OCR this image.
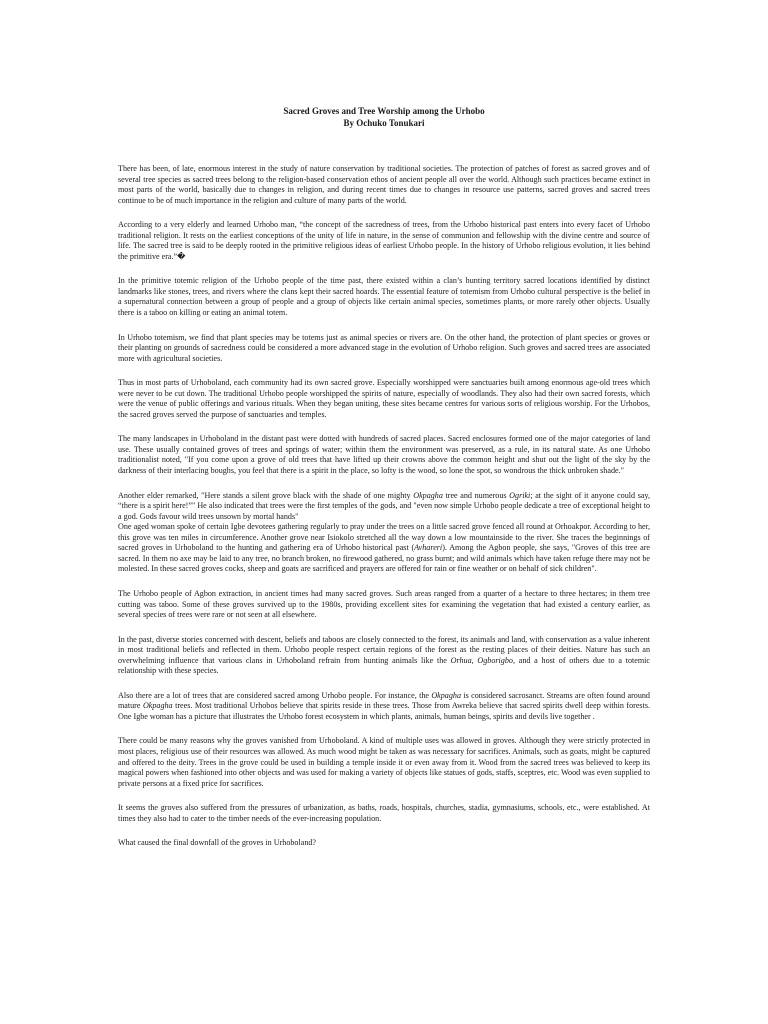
Sacred Groves and Tree Worship among the Urhobo
By Ochuko Tonukari

There has been, of late, enormous interest in the study of nature conservation by traditional societies. The protection of patches of forest as sacred groves and of several tree species as sacred trees belong to the religion-based conservation ethos of ancient people all over the world. Although such practices became extinct in most parts of the world, basically due to changes in religion, and during recent times due to changes in resource use patterns, sacred groves and sacred trees continue to be of much importance in the religion and culture of many parts of the world.

According to a very elderly and learned Urhobo man, “the concept of the sacredness of trees, from the Urhobo historical past enters into every facet of Urhobo traditional religion. It rests on the earliest conceptions of the unity of life in nature, in the sense of communion and fellowship with the divine centre and source of life. The sacred tree is said to be deeply rooted in the primitive religious ideas of earliest Urhobo people. In the history of Urhobo religious evolution, it lies behind the primitive era.”�

In the primitive totemic religion of the Urhobo people of the time past, there existed within a clan’s hunting territory sacred locations identified by distinct landmarks like stones, trees, and rivers where the clans kept their sacred hoards. The essential feature of totemism from Urhobo cultural perspective is the belief in a supernatural connection between a group of people and a group of objects like certain animal species, sometimes plants, or more rarely other objects. Usually there is a taboo on killing or eating an animal totem.

In Urhobo totemism, we find that plant species may be totems just as animal species or rivers are. On the other hand, the protection of plant species or groves or their planting on grounds of sacredness could be considered a more advanced stage in the evolution of Urhobo religion. Such groves and sacred trees are associated more with agricultural societies.

Thus in most parts of Urhoboland, each community had its own sacred grove. Especially worshipped were sanctuaries built among enormous age-old trees which were never to be cut down. The traditional Urhobo people worshipped the spirits of nature, especially of woodlands. They also had their own sacred forests, which were the venue of public offerings and various rituals. When they began uniting, these sites became centres for various sorts of religious worship. For the Urhobos, the sacred groves served the purpose of sanctuaries and temples.

The many landscapes in Urhoboland in the distant past were dotted with hundreds of sacred places. Sacred enclosures formed one of the major categories of land use. These usually contained groves of trees and springs of water; within them the environment was preserved, as a rule, in its natural state. As one Urhobo traditionalist noted, "If you come upon a grove of old trees that have lifted up their crowns above the common height and shut out the light of the sky by the darkness of their interlacing boughs, you feel that there is a spirit in the place, so lofty is the wood, so lone the spot, so wondrous the thick unbroken shade."

Another elder remarked, "Here stands a silent grove black with the shade of one mighty Okpagha tree and numerous Ogriki; at the sight of it anyone could say, “there is a spirit here!”" He also indicated that trees were the first temples of the gods, and "even now simple Urhobo people dedicate a tree of exceptional height to a god. Gods favour wild trees unsown by mortal hands"

One aged woman spoke of certain Igbe devotees gathering regularly to pray under the trees on a little sacred grove fenced all round at Orhoakpor. According to her, this grove was ten miles in circumference. Another grove near Isiokolo stretched all the way down a low mountainside to the river. She traces the beginnings of sacred groves in Urhoboland to the hunting and gathering era of Urhobo historical past (Avhareri). Among the Agbon people, she says, "Groves of this tree are sacred. In them no axe may be laid to any tree, no branch broken, no firewood gathered, no grass burnt; and wild animals which have taken refuge there may not be molested. In these sacred groves cocks, sheep and goats are sacrificed and prayers are offered for rain or fine weather or on behalf of sick children".

The Urhobo people of Agbon extraction, in ancient times had many sacred groves. Such areas ranged from a quarter of a hectare to three hectares; in them tree cutting was taboo. Some of these groves survived up to the 1980s, providing excellent sites for examining the vegetation that had existed a century earlier, as several species of trees were rare or not seen at all elsewhere.

In the past, diverse stories concerned with descent, beliefs and taboos are closely connected to the forest, its animals and land, with conservation as a value inherent in most traditional beliefs and reflected in them. Urhobo people respect certain regions of the forest as the resting places of their deities. Nature has such an overwhelming influence that various clans in Urhoboland refrain from hunting animals like the Orhua, Ogborigbo, and a host of others due to a totemic relationship with these species.

Also there are a lot of trees that are considered sacred among Urhobo people. For instance, the Okpagha is considered sacrosanct. Streams are often found around mature Okpagha trees. Most traditional Urhobos believe that spirits reside in these trees. Those from Awreka believe that sacred spirits dwell deep within forests. One Igbe woman has a picture that illustrates the Urhobo forest ecosystem in which plants, animals, human beings, spirits and devils live together .

There could be many reasons why the groves vanished from Urhoboland. A kind of multiple uses was allowed in groves. Although they were strictly protected in most places, religious use of their resources was allowed. As much wood might be taken as was necessary for sacrifices. Animals, such as goats, might be captured and offered to the deity. Trees in the grove could be used in building a temple inside it or even away from it. Wood from the sacred trees was believed to keep its magical powers when fashioned into other objects and was used for making a variety of objects like statues of gods, staffs, sceptres, etc. Wood was even supplied to private persons at a fixed price for sacrifices.

It seems the groves also suffered from the pressures of urbanization, as baths, roads, hospitals, churches, stadia, gymnasiums, schools, etc., were established. At times they also had to cater to the timber needs of the ever-increasing population.

What caused the final downfall of the groves in Urhoboland?
